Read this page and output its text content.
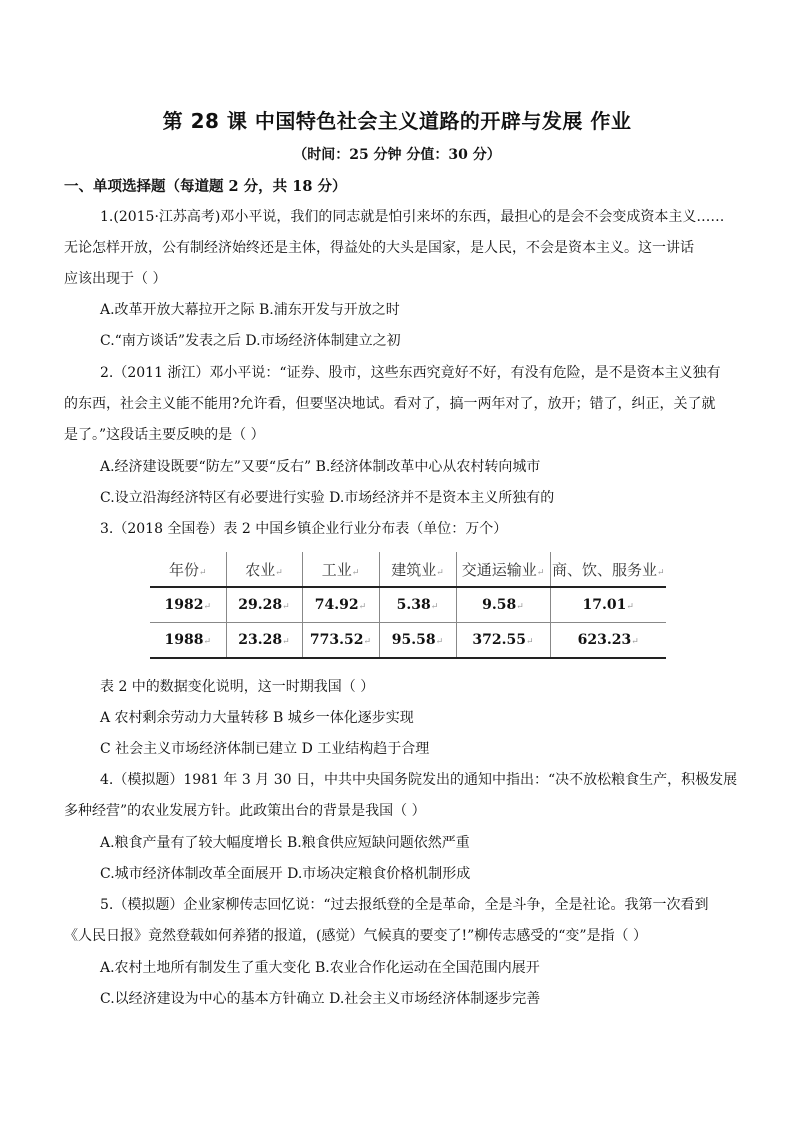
第 28 课 中国特色社会主义道路的开辟与发展 作业
（时间：25 分钟 分值：30 分）
一、单项选择题（每道题 2 分，共 18 分）
1.(2015·江苏高考)邓小平说，我们的同志就是怕引来坏的东西，最担心的是会不会变成资本主义……
无论怎样开放，公有制经济始终还是主体，得益处的大头是国家，是人民，不会是资本主义。这一讲话
应该出现于（ ）
A.改革开放大幕拉开之际 B.浦东开发与开放之时
C.“南方谈话”发表之后 D.市场经济体制建立之初
2.（2011 浙江）邓小平说：“证券、股市，这些东西究竟好不好，有没有危险，是不是资本主义独有
的东西，社会主义能不能用?允许看，但要坚决地试。看对了，搞一两年对了，放开；错了，纠正，关了就
是了。”这段话主要反映的是（ ）
A.经济建设既要“防左”又要“反右” B.经济体制改革中心从农村转向城市
C.设立沿海经济特区有必要进行实验 D.市场经济并不是资本主义所独有的
3.（2018 全国卷）表 2 中国乡镇企业行业分布表（单位：万个）
年份↵	农业↵	工业↵	建筑业↵	交通运输业↵	商、饮、服务业↵
1982↵	29.28↵	74.92↵	5.38↵	9.58↵	17.01↵
1988↵	23.28↵	773.52↵	95.58↵	372.55↵	623.23↵
表 2 中的数据变化说明，这一时期我国（ ）
A 农村剩余劳动力大量转移 B 城乡一体化逐步实现
C 社会主义市场经济体制已建立 D 工业结构趋于合理
4.（模拟题）1981 年 3 月 30 日，中共中央国务院发出的通知中指出：“决不放松粮食生产，积极发展
多种经营”的农业发展方针。此政策出台的背景是我国（ ）
A.粮食产量有了较大幅度增长 B.粮食供应短缺问题依然严重
C.城市经济体制改革全面展开 D.市场决定粮食价格机制形成
5.（模拟题）企业家柳传志回忆说：“过去报纸登的全是革命，全是斗争，全是社论。我第一次看到
《人民日报》竟然登载如何养猪的报道，(感觉）气候真的要变了!”柳传志感受的“变”是指（ ）
A.农村土地所有制发生了重大变化 B.农业合作化运动在全国范围内展开
C.以经济建设为中心的基本方针确立 D.社会主义市场经济体制逐步完善
